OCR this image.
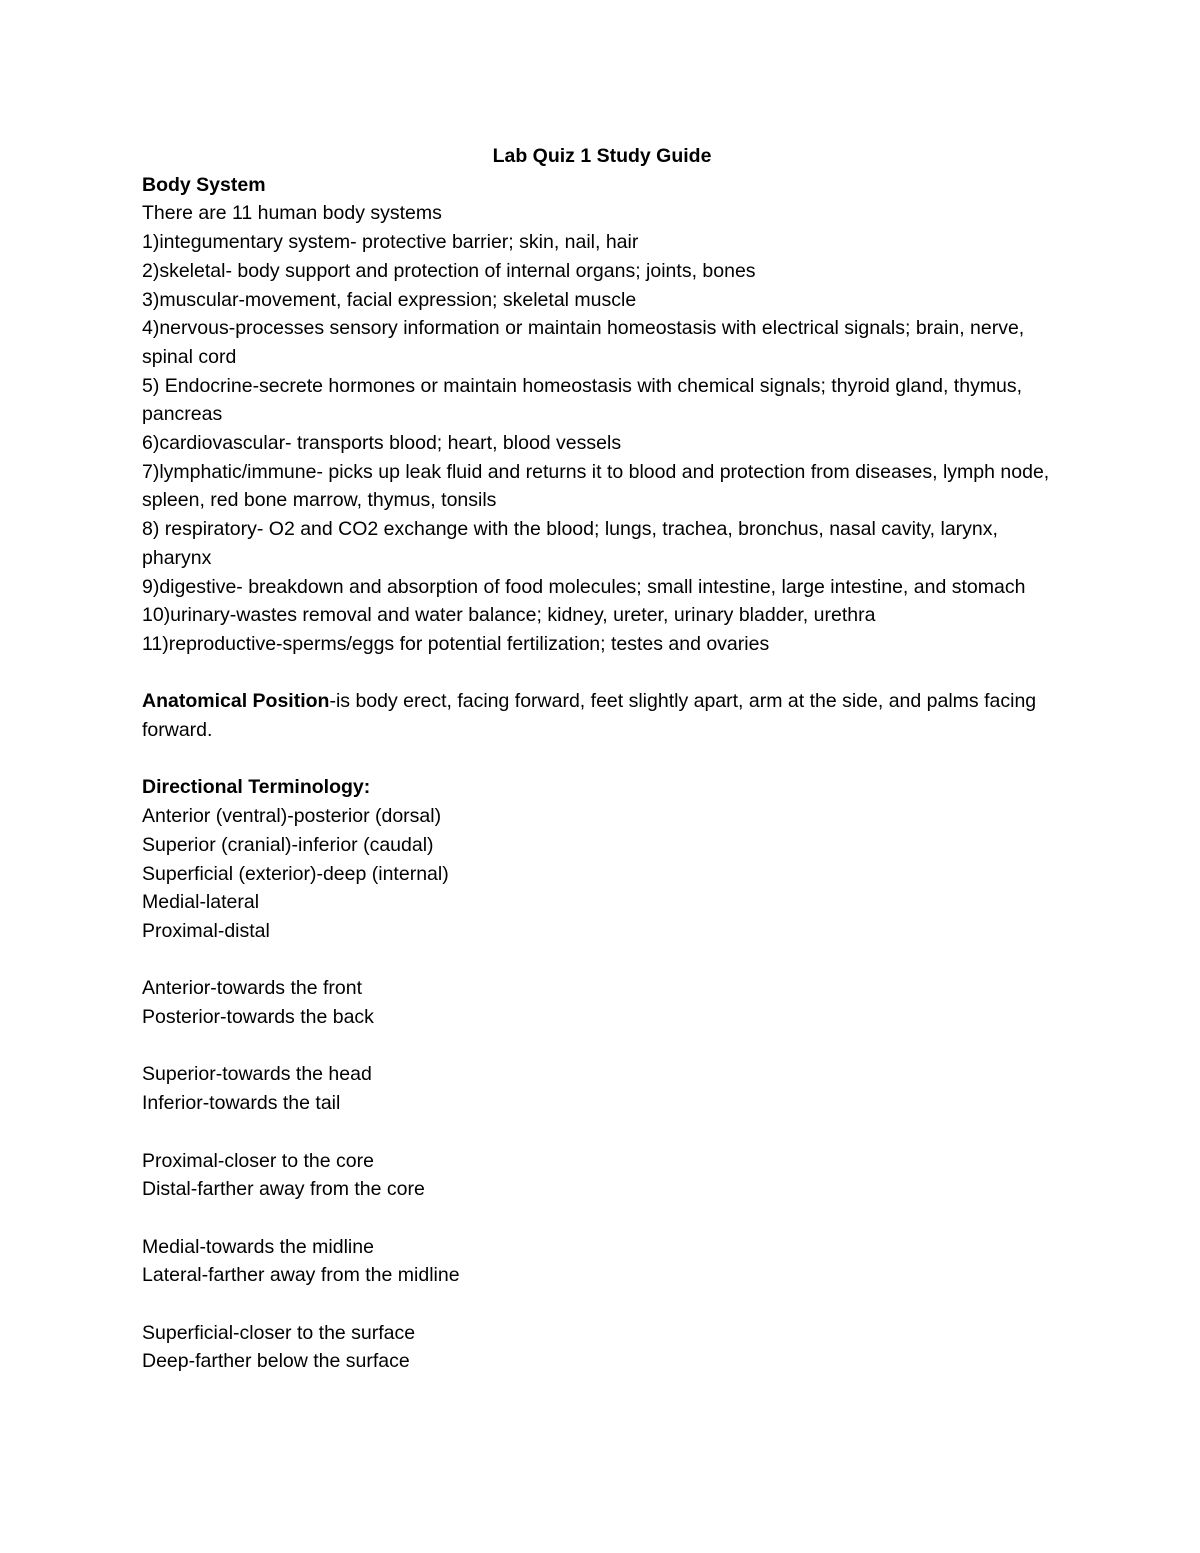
Lab Quiz 1 Study Guide

Body System

There are 11 human body systems

1)integumentary system- protective barrier; skin, nail, hair

2)skeletal- body support and protection of internal organs; joints, bones

3)muscular-movement, facial expression; skeletal muscle

4)nervous-processes sensory information or maintain homeostasis with electrical signals; brain, nerve, spinal cord

5) Endocrine-secrete hormones or maintain homeostasis with chemical signals; thyroid gland, thymus, pancreas

6)cardiovascular- transports blood; heart, blood vessels

7)lymphatic/immune- picks up leak fluid and returns it to blood and protection from diseases, lymph node, spleen, red bone marrow, thymus, tonsils

8) respiratory- O2 and CO2 exchange with the blood; lungs, trachea, bronchus, nasal cavity, larynx, pharynx

9)digestive- breakdown and absorption of food molecules; small intestine, large intestine, and stomach

10)urinary-wastes removal and water balance; kidney, ureter, urinary bladder, urethra

11)reproductive-sperms/eggs for potential fertilization; testes and ovaries

Anatomical Position-is body erect, facing forward, feet slightly apart, arm at the side, and palms facing forward.

Directional Terminology:

Anterior (ventral)-posterior (dorsal)

Superior (cranial)-inferior (caudal)

Superficial (exterior)-deep (internal)

Medial-lateral

Proximal-distal

Anterior-towards the front

Posterior-towards the back

Superior-towards the head

Inferior-towards the tail

Proximal-closer to the core

Distal-farther away from the core

Medial-towards the midline

Lateral-farther away from the midline

Superficial-closer to the surface

Deep-farther below the surface
